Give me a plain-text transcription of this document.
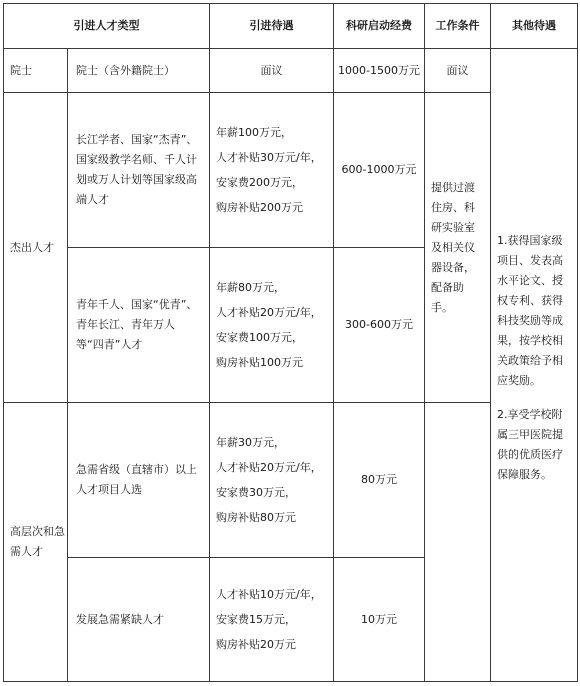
引进人才类型		引进待遇	科研启动经费	工作条件	其他待遇
院士	院士（含外籍院士）	面议	1000-1500万元	面议	1.获得国家级项目、发表高水平论文、授权专利、获得科技奖励等成果，按学校相关政策给予相应奖励。

2.享受学校附属三甲医院提供的优质医疗保障服务。

杰出人才	长江学者、国家“杰青”、国家级教学名师、千人计划或万人计划等国家级高端人才	年薪100万元，
人才补贴30万元/年，
安家费200万元，
购房补贴200万元	600-1000万元	提供过渡住房、科研实验室及相关仪器设备，配备助手。	
	青年千人、国家“优青”、青年长江、青年万人等“四青”人才	年薪80万元，
人才补贴20万元/年，
安家费100万元，
购房补贴100万元	300-600万元		
高层次和急需人才	急需省级（直辖市）以上人才项目人选	年薪30万元，
人才补贴20万元/年，
安家费30万元，
购房补贴80万元	80万元		
	发展急需紧缺人才	人才补贴10万元/年，
安家费15万元，
购房补贴20万元	10万元		
